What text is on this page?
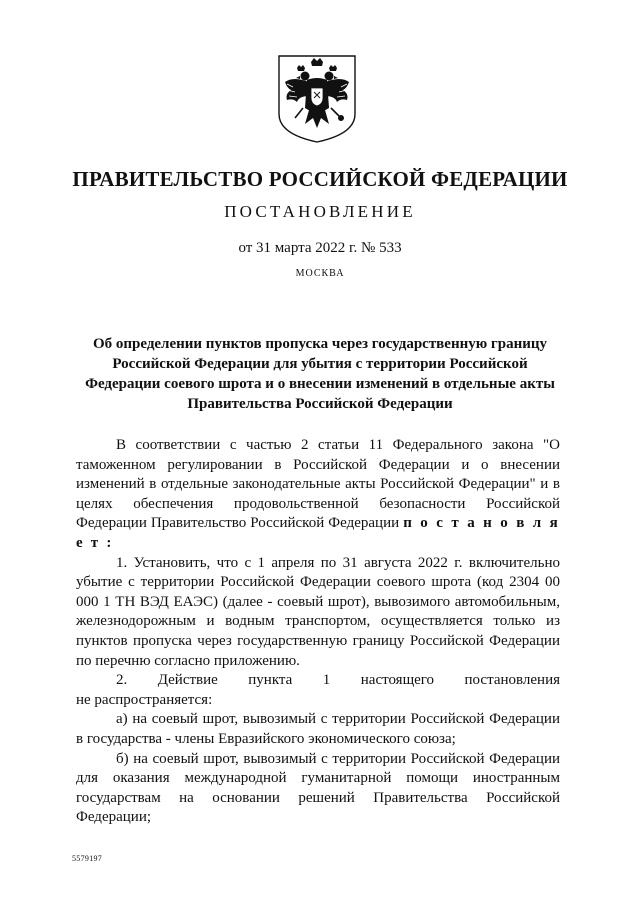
ПРАВИТЕЛЬСТВО РОССИЙСКОЙ ФЕДЕРАЦИИ
ПОСТАНОВЛЕНИЕ
от 31 марта 2022 г. № 533
МОСКВА
Об определении пунктов пропуска через государственную границу Российской Федерации для убытия с территории Российской Федерации соевого шрота и о внесении изменений в отдельные акты Правительства Российской Федерации

В соответствии с частью 2 статьи 11 Федерального закона "О таможенном регулировании в Российской Федерации и о внесении изменений в отдельные законодательные акты Российской Федерации" и в целях обеспечения продовольственной безопасности Российской Федерации Правительство Российской Федерации п о с т а н о в л я е т :

1. Установить, что с 1 апреля по 31 августа 2022 г. включительно убытие с территории Российской Федерации соевого шрота (код 2304 00 000 1 ТН ВЭД ЕАЭС) (далее - соевый шрот), вывозимого автомобильным, железнодорожным и водным транспортом, осуществляется только из пунктов пропуска через государственную границу Российской Федерации по перечню согласно приложению.

2. Действие пункта 1 настоящего постановления

не распространяется:

а) на соевый шрот, вывозимый с территории Российской Федерации в государства - члены Евразийского экономического союза;

б) на соевый шрот, вывозимый с территории Российской Федерации для оказания международной гуманитарной помощи иностранным государствам на основании решений Правительства Российской Федерации;

5579197
